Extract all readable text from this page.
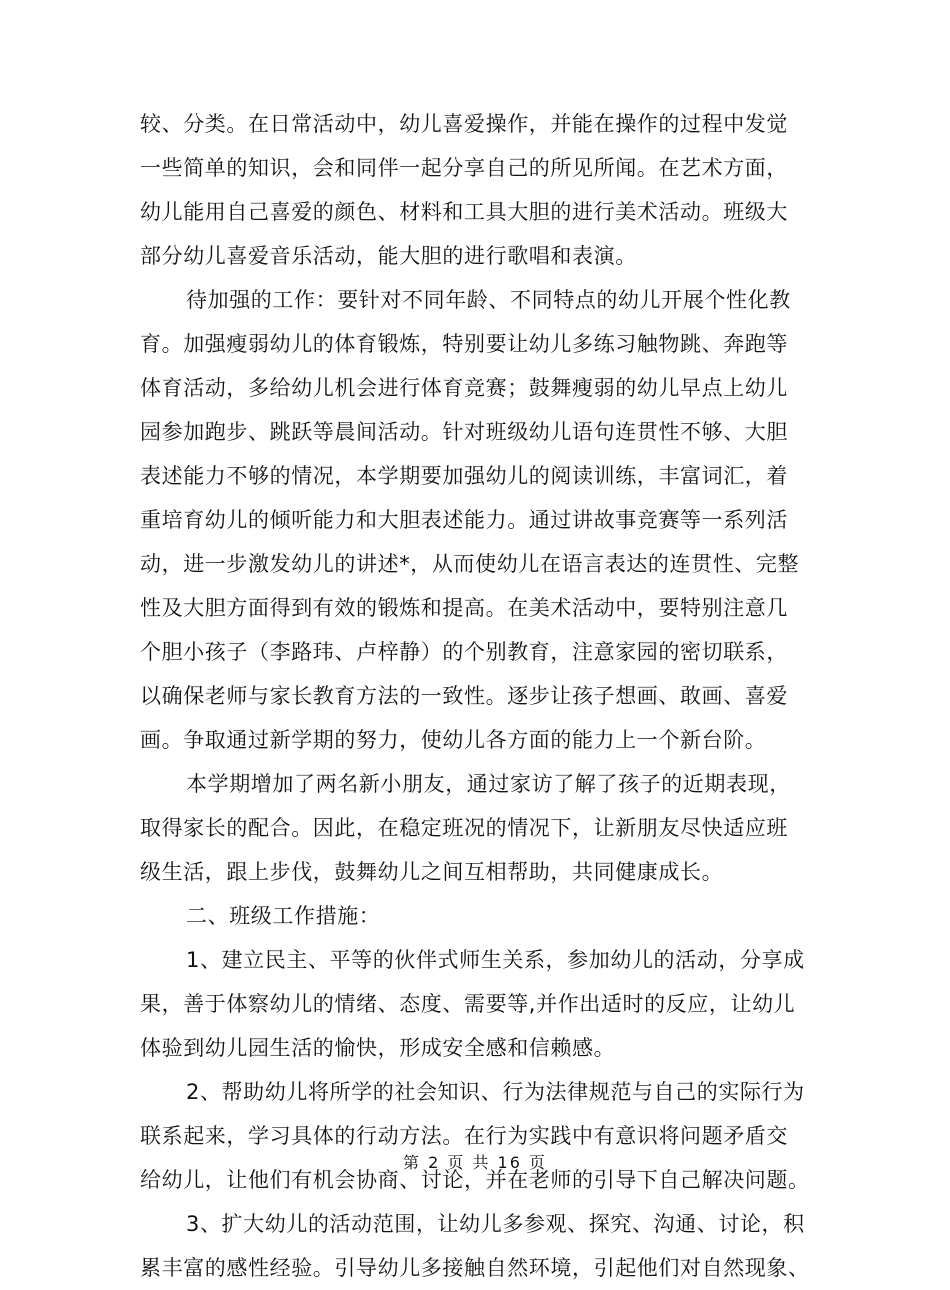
较、分类。在日常活动中，幼儿喜爱操作，并能在操作的过程中发觉
一些简单的知识，会和同伴一起分享自己的所见所闻。在艺术方面，
幼儿能用自己喜爱的颜色、材料和工具大胆的进行美术活动。班级大
部分幼儿喜爱音乐活动，能大胆的进行歌唱和表演。
待加强的工作：要针对不同年龄、不同特点的幼儿开展个性化教
育。加强瘦弱幼儿的体育锻炼，特别要让幼儿多练习触物跳、奔跑等
体育活动，多给幼儿机会进行体育竞赛；鼓舞瘦弱的幼儿早点上幼儿
园参加跑步、跳跃等晨间活动。针对班级幼儿语句连贯性不够、大胆
表述能力不够的情况，本学期要加强幼儿的阅读训练，丰富词汇，着
重培育幼儿的倾听能力和大胆表述能力。通过讲故事竞赛等一系列活
动，进一步激发幼儿的讲述*，从而使幼儿在语言表达的连贯性、完整
性及大胆方面得到有效的锻炼和提高。在美术活动中，要特别注意几
个胆小孩子（李路玮、卢梓静）的个别教育，注意家园的密切联系，
以确保老师与家长教育方法的一致性。逐步让孩子想画、敢画、喜爱
画。争取通过新学期的努力，使幼儿各方面的能力上一个新台阶。
本学期增加了两名新小朋友，通过家访了解了孩子的近期表现，
取得家长的配合。因此，在稳定班况的情况下，让新朋友尽快适应班
级生活，跟上步伐，鼓舞幼儿之间互相帮助，共同健康成长。
二、班级工作措施：
1、建立民主、平等的伙伴式师生关系，参加幼儿的活动，分享成
果，善于体察幼儿的情绪、态度、需要等,并作出适时的反应，让幼儿
体验到幼儿园生活的愉快，形成安全感和信赖感。
2、帮助幼儿将所学的社会知识、行为法律规范与自己的实际行为
联系起来，学习具体的行动方法。在行为实践中有意识将问题矛盾交
给幼儿，让他们有机会协商、讨论，并在老师的引导下自己解决问题。
3、扩大幼儿的活动范围，让幼儿多参观、探究、沟通、讨论，积
累丰富的感性经验。引导幼儿多接触自然环境，引起他们对自然现象、
第 2 页 共 16 页
